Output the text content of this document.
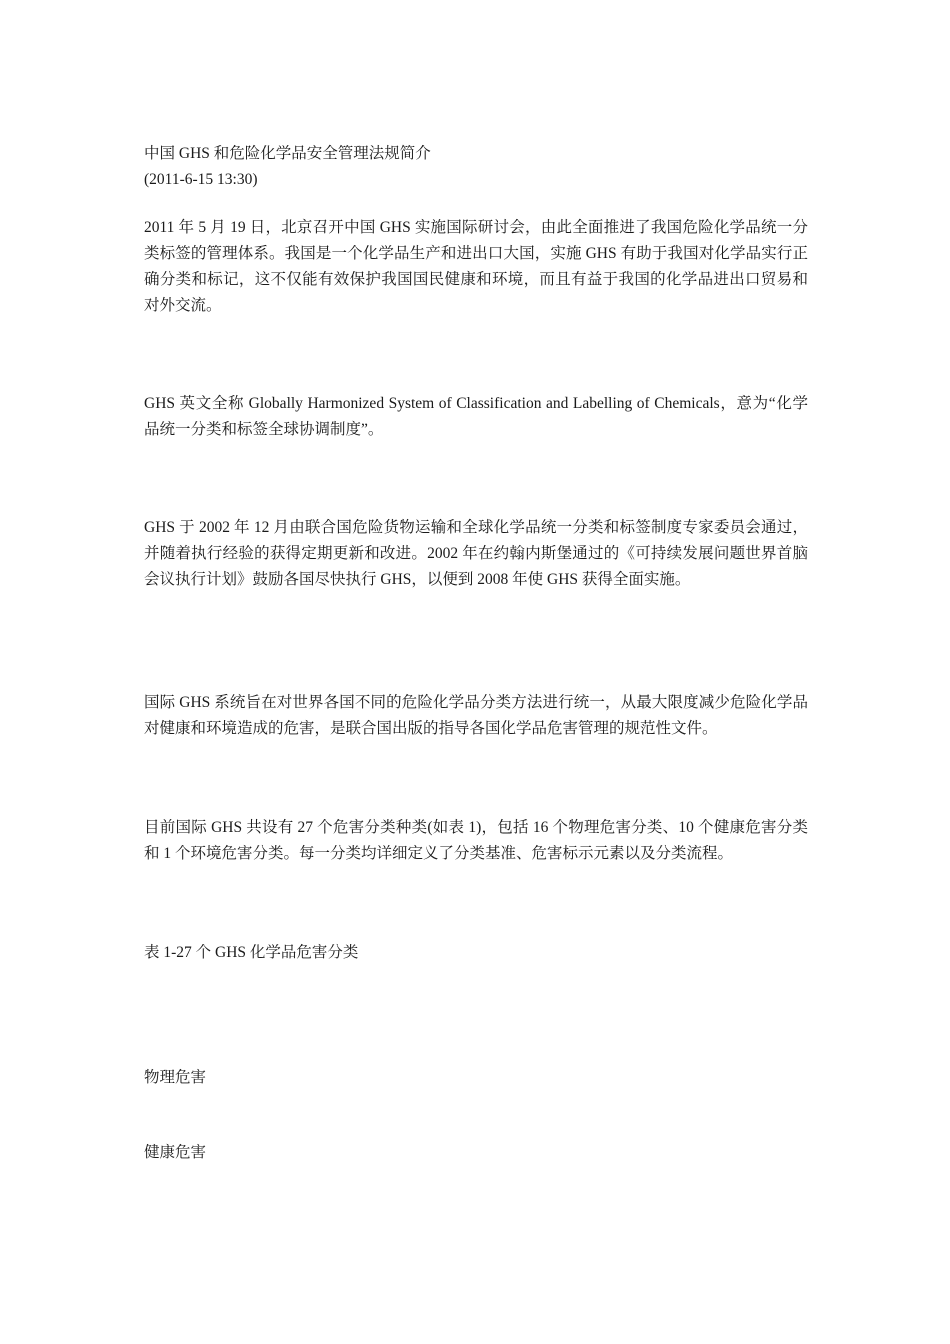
中国 GHS 和危险化学品安全管理法规简介
(2011-6-15 13:30)

2011 年 5 月 19 日，北京召开中国 GHS 实施国际研讨会，由此全面推进了我国危险化学品统一分类标签的管理体系。我国是一个化学品生产和进出口大国，实施 GHS 有助于我国对化学品实行正确分类和标记，这不仅能有效保护我国国民健康和环境，而且有益于我国的化学品进出口贸易和对外交流。

GHS 英文全称 Globally Harmonized System of Classification and Labelling of Chemicals，意为“化学品统一分类和标签全球协调制度”。

GHS 于 2002 年 12 月由联合国危险货物运输和全球化学品统一分类和标签制度专家委员会通过，并随着执行经验的获得定期更新和改进。2002 年在约翰内斯堡通过的《可持续发展问题世界首脑会议执行计划》鼓励各国尽快执行 GHS，以便到 2008 年使 GHS 获得全面实施。

国际 GHS 系统旨在对世界各国不同的危险化学品分类方法进行统一，从最大限度减少危险化学品对健康和环境造成的危害，是联合国出版的指导各国化学品危害管理的规范性文件。

目前国际 GHS 共设有 27 个危害分类种类(如表 1)，包括 16 个物理危害分类、10 个健康危害分类和 1 个环境危害分类。每一分类均详细定义了分类基准、危害标示元素以及分类流程。

表 1-27 个 GHS 化学品危害分类
物理危害
健康危害
